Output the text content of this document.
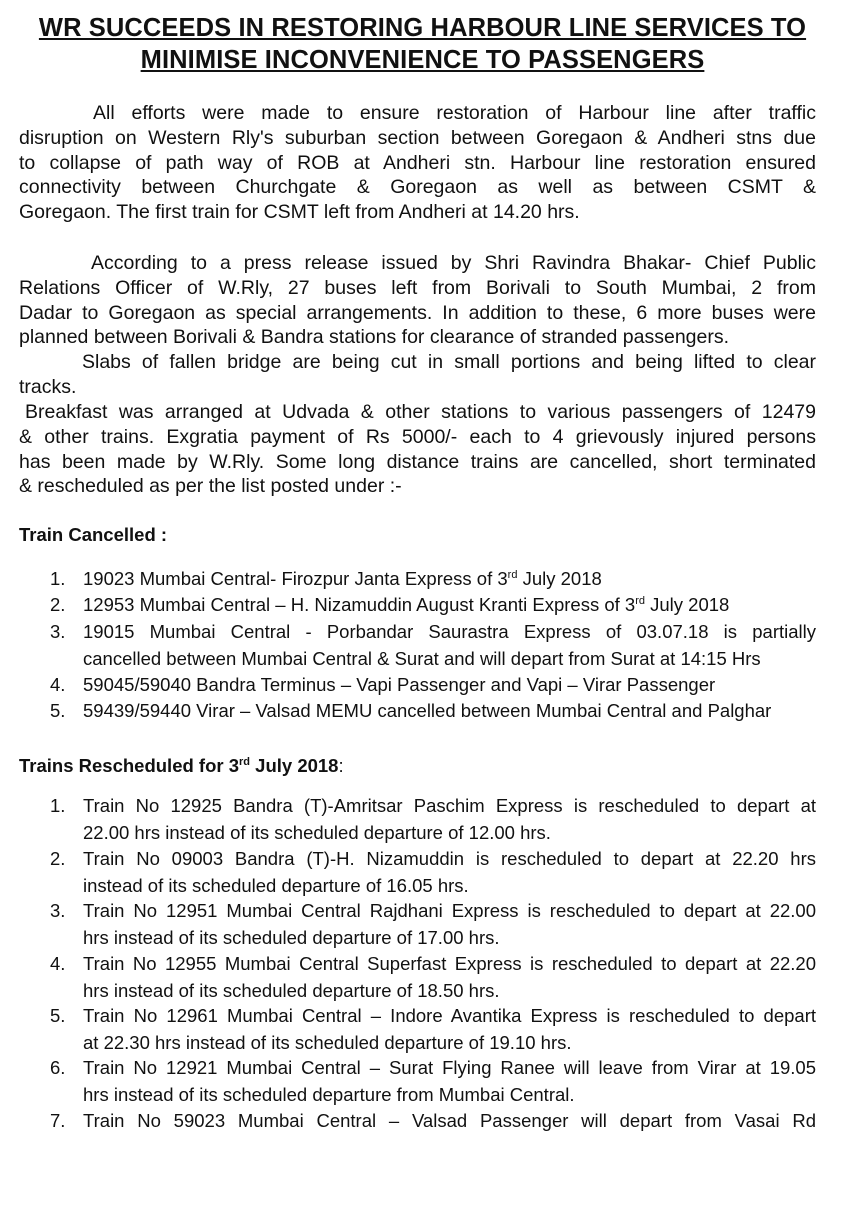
WR SUCCEEDS IN RESTORING HARBOUR LINE SERVICES TO
MINIMISE INCONVENIENCE TO PASSENGERS
All efforts were made to ensure restoration of Harbour line after traffic
disruption on Western Rly's suburban section between Goregaon & Andheri stns due
to collapse of path way of ROB at Andheri stn. Harbour line restoration ensured
connectivity between Churchgate & Goregaon as well as between CSMT &
Goregaon. The first train for CSMT left from Andheri at 14.20 hrs.
According to a press release issued by Shri Ravindra Bhakar- Chief Public
Relations Officer of W.Rly, 27 buses left from Borivali to South Mumbai, 2 from
Dadar to Goregaon as special arrangements. In addition to these, 6 more buses were
planned between Borivali & Bandra stations for clearance of stranded passengers.
Slabs of fallen bridge are being cut in small portions and being lifted to clear
tracks.
Breakfast was arranged at Udvada & other stations to various passengers of 12479
& other trains. Exgratia payment of Rs 5000/- each to 4 grievously injured persons
has been made by W.Rly. Some long distance trains are cancelled, short terminated
& rescheduled as per the list posted under :-
Train Cancelled :
1. 19023 Mumbai Central- Firozpur Janta Express of 3rd July 2018
2. 12953 Mumbai Central – H. Nizamuddin August Kranti Express of 3rd July 2018
3. 19015 Mumbai Central - Porbandar Saurastra Express of 03.07.18 is partially
cancelled between Mumbai Central & Surat and will depart from Surat at 14:15 Hrs
4. 59045/59040 Bandra Terminus – Vapi Passenger and Vapi – Virar Passenger
5. 59439/59440 Virar – Valsad MEMU cancelled between Mumbai Central and Palghar
Trains Rescheduled for 3rd July 2018:
1. Train No 12925 Bandra (T)-Amritsar Paschim Express is rescheduled to depart at
22.00 hrs instead of its scheduled departure of 12.00 hrs.
2. Train No 09003 Bandra (T)-H. Nizamuddin is rescheduled to depart at 22.20 hrs
instead of its scheduled departure of 16.05 hrs.
3. Train No 12951 Mumbai Central Rajdhani Express is rescheduled to depart at 22.00
hrs instead of its scheduled departure of 17.00 hrs.
4. Train No 12955 Mumbai Central Superfast Express is rescheduled to depart at 22.20
hrs instead of its scheduled departure of 18.50 hrs.
5. Train No 12961 Mumbai Central – Indore Avantika Express is rescheduled to depart
at 22.30 hrs instead of its scheduled departure of 19.10 hrs.
6. Train No 12921 Mumbai Central – Surat Flying Ranee will leave from Virar at 19.05
hrs instead of its scheduled departure from Mumbai Central.
7. Train No 59023 Mumbai Central – Valsad Passenger will depart from Vasai Rd
